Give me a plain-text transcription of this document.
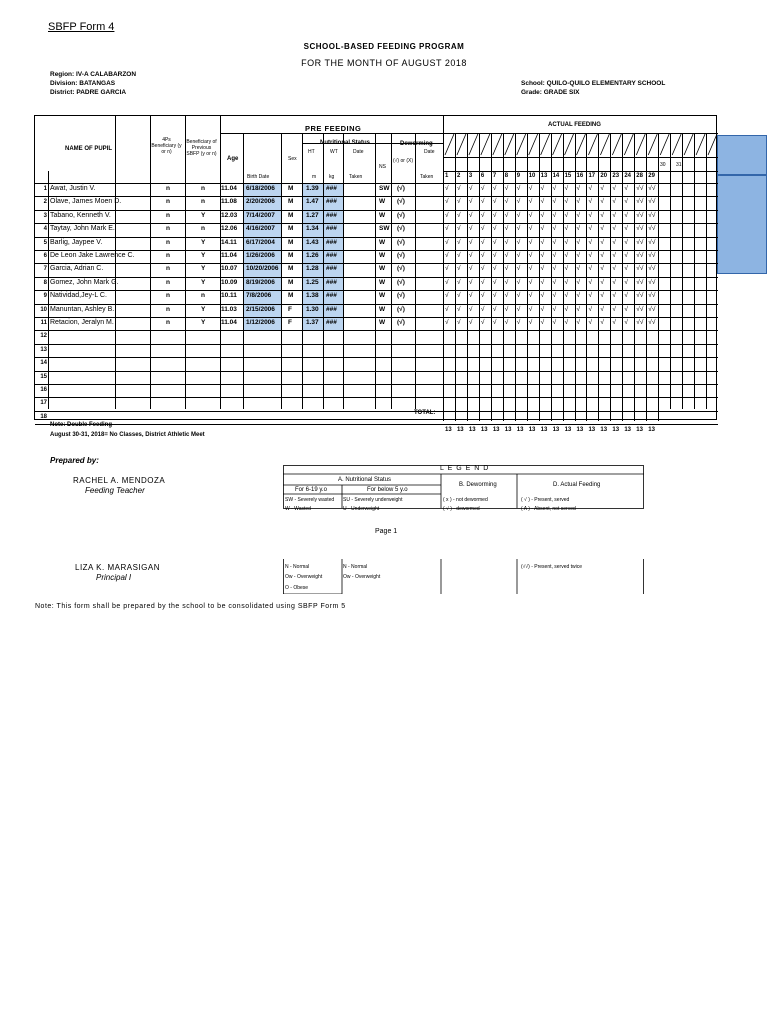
SBFP Form 4
SCHOOL-BASED FEEDING PROGRAM
FOR THE MONTH OF AUGUST 2018
Region: IV-A CALABARZON
Division: BATANGAS
District: PADRE GARCIA
School: QUILO-QUILO ELEMENTARY SCHOOL
Grade: GRADE SIX
NAME OF PUPIL
4Ps Beneficiary (y or n)
Beneficiary of Previous SBFP (y or n)
PRE FEEDING
Age
Birth Date
Sex
Nutritional Status
HT	WT
m	kg
Date
Taken
NS
Deworming
(√) or (X)
Date
Taken
ACTUAL FEEDING
30 31
TOTAL:
1 2 3 6 7 8 9 10 13 14 15 16 17 20 23 24 28 29
1 Awat, Justin V.	n	n 11.04 6/18/2006 M 1.39 ###	SW (√)	√ √ √ √ √ √ √ √ √ √ √ √ √ √ √ √ √√ √√
2 Olave, James Moen D.	n	n 11.08 2/20/2006 M 1.47 ###	W (√)	√ √ √ √ √ √ √ √ √ √ √ √ √ √ √ √ √√ √√
3 Tabano, Kenneth V.	n	Y 12.03 7/14/2007 M 1.27 ###	W (√)	√ √ √ √ √ √ √ √ √ √ √ √ √ √ √ √ √√ √√
4 Taytay, John Mark E.	n	n 12.06 4/16/2007 M 1.34 ###	SW (√)	√ √ √ √ √ √ √ √ √ √ √ √ √ √ √ √ √√ √√
5 Barlig, Jaypee V.	n	Y 14.11 6/17/2004 M 1.43 ###	W (√)	√ √ √ √ √ √ √ √ √ √ √ √ √ √ √ √ √√ √√
6 De Leon Jake Lawrence C.	n	Y 11.04 1/26/2006 M 1.26 ###	W (√)	√ √ √ √ √ √ √ √ √ √ √ √ √ √ √ √ √√ √√
7 Garcia, Adrian C.	n	Y 10.07 10/20/2006 M 1.28 ###	W (√)	√ √ √ √ √ √ √ √ √ √ √ √ √ √ √ √ √√ √√
8 Gomez, John Mark G.	n	Y 10.09 8/19/2006 M 1.25 ###	W (√)	√ √ √ √ √ √ √ √ √ √ √ √ √ √ √ √ √√ √√
9 Natividad,Jey-L C.	n	n 10.11 7/8/2006	M 1.38 ###	W (√)	√ √ √ √ √ √ √ √ √ √ √ √ √ √ √ √ √√ √√
10 Manuntan, Ashley B.	n	Y 11.03 2/15/2006 F 1.30 ###	W (√)	√ √ √ √ √ √ √ √ √ √ √ √ √ √ √ √ √√ √√
11 Retacion, Jeralyn M.	n	Y 11.04 1/12/2006 F 1.37 ###	W (√)	√ √ √ √ √ √ √ √ √ √ √ √ √ √ √ √ √√ √√
12
13
14
15
16
17
18
13 13 13 13 13 13 13 13 13 13 13 13 13 13 13 13 13 13
Note: Double Feeding
August 30-31, 2018= No Classes, District Athletic Meet
Prepared by:
RACHEL A. MENDOZA
Feeding Teacher
Page 1
LIZA K. MARASIGAN
Principal I
Note: This form shall be prepared by the school to be consolidated using SBFP Form 5
L E G E N D
A. Nutritional Status
For 6-19 y.o	For below 5 y.o
B. Deworming	D. Actual Feeding
SW - Severely wasted	SU - Severely underweight
W - Wasted	U - Underweight
( x ) - not dewormed
( √ ) - dewormed
( √ ) - Present, served
( A ) - Absent, not served
N - Normal	N - Normal
Ow - Overweight	Ow - Overweight
O - Obese
(√√) - Present, served twice
